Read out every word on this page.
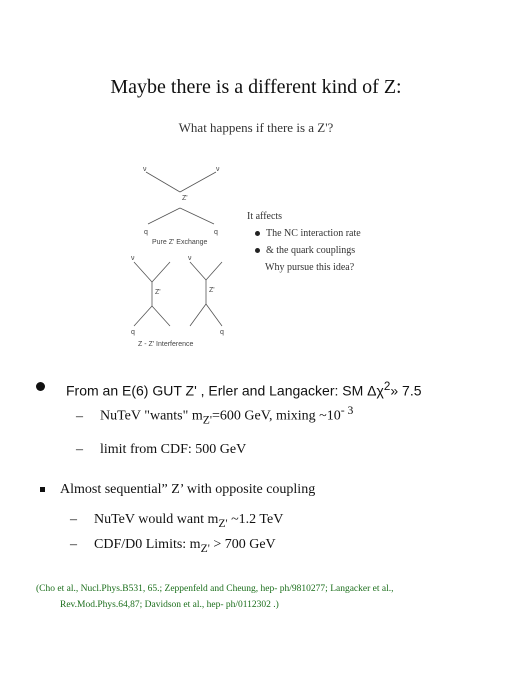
Maybe there is a different kind of Z:
What happens if there is a Z'?
ν	ν
Z'
q	q
Pure Z' Exchange
ν	ν
Z'	Z'
q	q
Z - Z' Interference
It affects
The NC interaction rate
& the quark couplings
Why pursue this idea?
From an E(6) GUT Z' , Erler and Langacker: SM $\Delta\chi^2$» 7.5
– NuTeV "wants" $m_{Z'}=600$ GeV, mixing $\sim 10^{- 3}$
– limit from CDF: 500 GeV
Almost sequential” Z’ with opposite coupling
– NuTeV would want $m_{Z'}$ ~1.2 TeV
– CDF/D0 Limits: $m_{Z'} > 700$ GeV
(Cho et al., Nucl.Phys.B531, 65.; Zeppenfeld and Cheung, hep- ph/9810277; Langacker et al.,
Rev.Mod.Phys.64,87; Davidson et al., hep- ph/0112302 .)
